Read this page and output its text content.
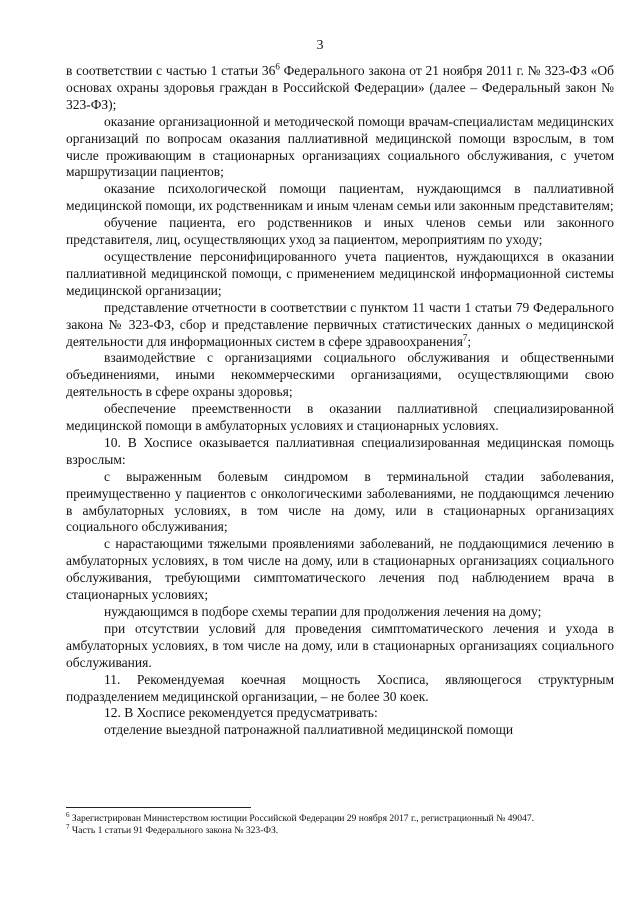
3

в соответствии с частью 1 статьи $36^6$ Федерального закона от 21 ноября 2011 г. № 323-ФЗ «Об основах охраны здоровья граждан в Российской Федерации» (далее – Федеральный закон № 323-ФЗ);

оказание организационной и методической помощи врачам-специалистам медицинских организаций по вопросам оказания паллиативной медицинской помощи взрослым, в том числе проживающим в стационарных организациях социального обслуживания, с учетом маршрутизации пациентов;

оказание психологической помощи пациентам, нуждающимся в паллиативной медицинской помощи, их родственникам и иным членам семьи или законным представителям;

обучение пациента, его родственников и иных членов семьи или законного представителя, лиц, осуществляющих уход за пациентом, мероприятиям по уходу;

осуществление персонифицированного учета пациентов, нуждающихся в оказании паллиативной медицинской помощи, с применением медицинской информационной системы медицинской организации;

представление отчетности в соответствии с пунктом 11 части 1 статьи 79 Федерального закона № 323-ФЗ, сбор и представление первичных статистических данных о медицинской деятельности для информационных систем в сфере здравоохранения$^7$;

взаимодействие с организациями социального обслуживания и общественными объединениями, иными некоммерческими организациями, осуществляющими свою деятельность в сфере охраны здоровья;

обеспечение преемственности в оказании паллиативной специализированной медицинской помощи в амбулаторных условиях и стационарных условиях.

10. В Хосписе оказывается паллиативная специализированная медицинская помощь взрослым:

с выраженным болевым синдромом в терминальной стадии заболевания, преимущественно у пациентов с онкологическими заболеваниями, не поддающимся лечению в амбулаторных условиях, в том числе на дому, или в стационарных организациях социального обслуживания;

с нарастающими тяжелыми проявлениями заболеваний, не поддающимися лечению в амбулаторных условиях, в том числе на дому, или в стационарных организациях социального обслуживания, требующими симптоматического лечения под наблюдением врача в стационарных условиях;

нуждающимся в подборе схемы терапии для продолжения лечения на дому;

при отсутствии условий для проведения симптоматического лечения и ухода в амбулаторных условиях, в том числе на дому, или в стационарных организациях социального обслуживания.

11. Рекомендуемая коечная мощность Хосписа, являющегося структурным подразделением медицинской организации, – не более 30 коек.

12. В Хосписе рекомендуется предусматривать:

отделение выездной патронажной паллиативной медицинской помощи

$^6$ Зарегистрирован Министерством юстиции Российской Федерации 29 ноября 2017 г., регистрационный № 49047.

$^7$ Часть 1 статьи 91 Федерального закона № 323-ФЗ.
